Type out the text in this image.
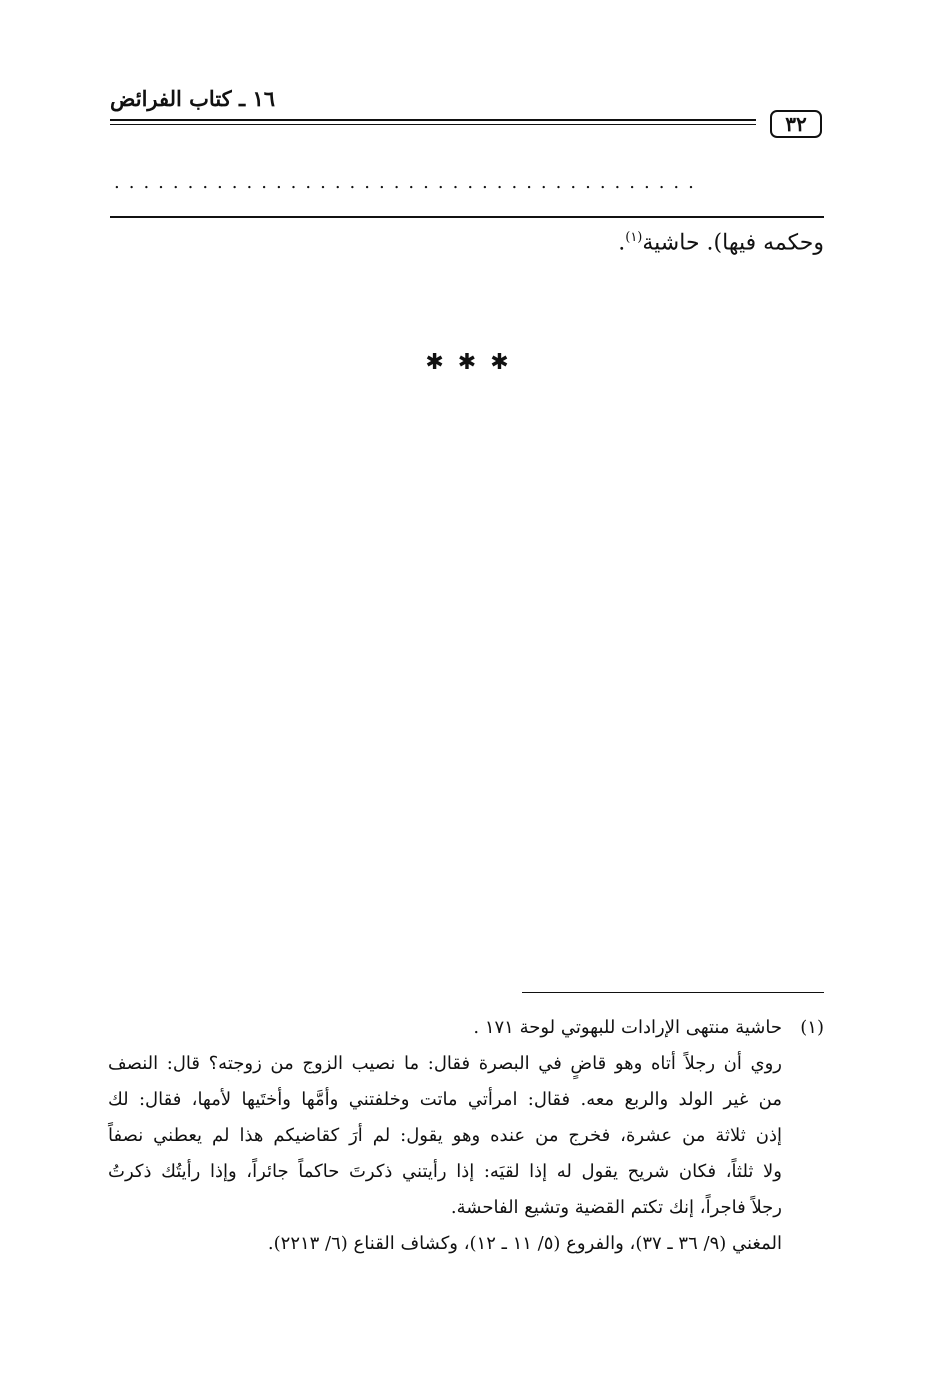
١٦ ـ كتاب الفرائض
٣٢
........................................
وحكمه فيها). حاشية$^{(١)}$.
✱✱✱
(١)
حاشية منتهى الإرادات للبهوتي لوحة ١٧١ .
روي أن رجلاً أتاه وهو قاضٍ في البصرة فقال: ما نصيب الزوج من زوجته؟ قال: النصف
من غير الولد والربع معه. فقال: امرأتي ماتت وخلفتني وأمَّها وأختَيها لأمها، فقال: لك
إذن ثلاثة من عشرة، فخرج من عنده وهو يقول: لم أرَ كقاضيكم هذا لم يعطني نصفاً
ولا ثلثاً، فكان شريح يقول له إذا لقيَه: إذا رأيتني ذكرتَ حاكماً جائراً، وإذا رأيتُك ذكرتُ
رجلاً فاجراً، إنك تكتم القضية وتشيع الفاحشة.
المغني (٩/ ٣٦ ـ ٣٧)، والفروع (٥/ ١١ ـ ١٢)، وكشاف القناع (٦/ ٢٢١٣).
